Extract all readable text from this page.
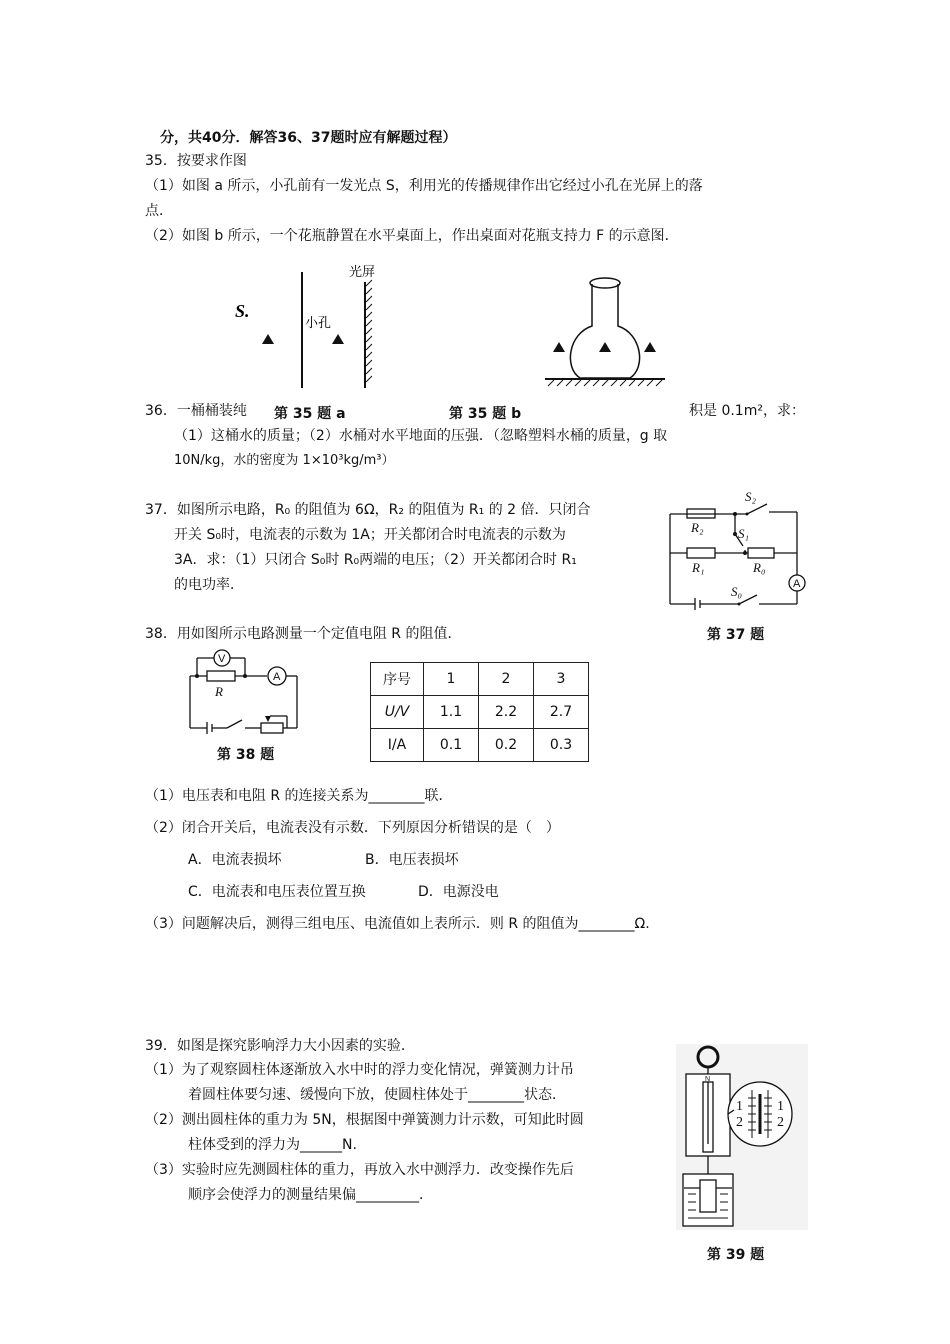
分，共40分．解答36、37题时应有解题过程）
35．按要求作图
（1）如图 a 所示，小孔前有一发光点 S，利用光的传播规律作出它经过小孔在光屏上的落
点．
（2）如图 b 所示，一个花瓶静置在水平桌面上，作出桌面对花瓶支持力 F 的示意图．
S.
小孔
光屏
36．一桶桶装纯 第 35 题 a	第 35 题 b	积是 0.1m²，求：
（1）这桶水的质量；（2）水桶对水平地面的压强．（忽略塑料水桶的质量，g 取
10N/kg，水的密度为 1×10³kg/m³）
37．如图所示电路，R₀ 的阻值为 6Ω，R₂ 的阻值为 R₁ 的 2 倍．只闭合
开关 S₀时，电流表的示数为 1A；开关都闭合时电流表的示数为
3A．求：（1）只闭合 S₀时 R₀两端的电压；（2）开关都闭合时 R₁
的电功率．
S₂
S₁
S₀
R₂
R₁	R₀
A
第 37 题
38．用如图所示电路测量一个定值电阻 R 的阻值．
V
A
R
第 38 题
序号	1	2	3
U/V	1.1	2.2	2.7
I/A	0.1	0.2	0.3
（1）电压表和电阻 R 的连接关系为________联．
（2）闭合开关后，电流表没有示数．下列原因分析错误的是（　）
A．电流表损坏	B．电压表损坏
C．电流表和电压表位置互换	D．电源没电
（3）问题解决后，测得三组电压、电流值如上表所示．则 R 的阻值为________Ω.
39．如图是探究影响浮力大小因素的实验．
（1）为了观察圆柱体逐渐放入水中时的浮力变化情况，弹簧测力计吊
着圆柱体要匀速、缓慢向下放，使圆柱体处于________状态．
（2）测出圆柱体的重力为 5N，根据图中弹簧测力计示数，可知此时圆
柱体受到的浮力为______N.
（3）实验时应先测圆柱体的重力，再放入水中测浮力．改变操作先后
顺序会使浮力的测量结果偏_________．
1 1
2 2
N
第 39 题
